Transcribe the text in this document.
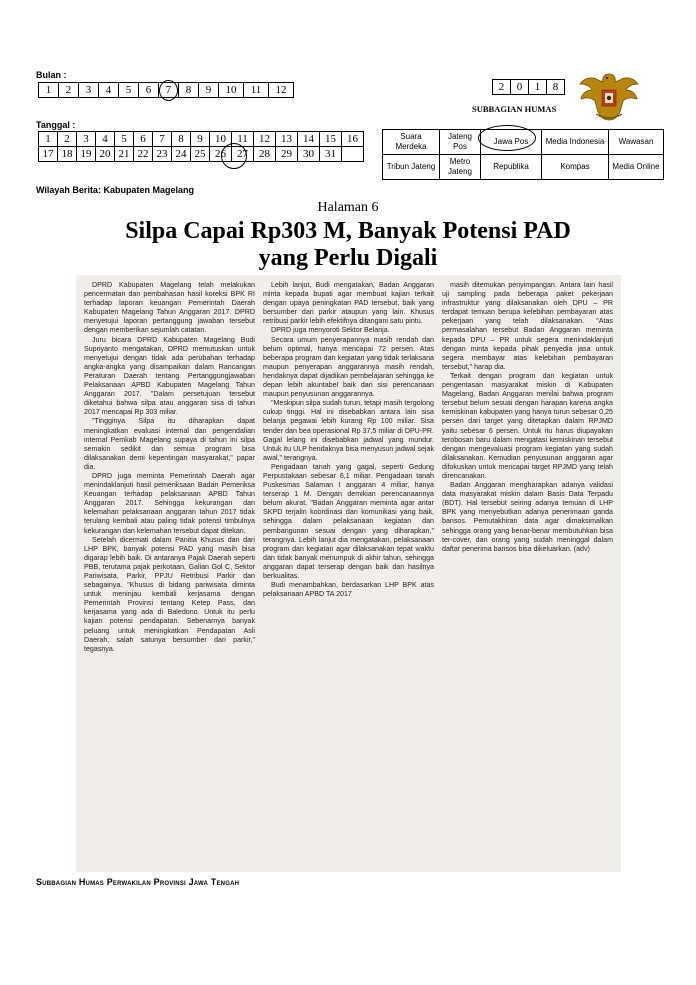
Bulan :
1	2	3	4	5	6	7	8	9	10	11	12
Tanggal :
1	2	3	4	5	6	7	8	9	10	11	12	13	14	15	16
17	18	19	20	21	22	23	24	25	26	27	28	29	30	31	
2	0	1	8
SUBBAGIAN HUMAS
Suara Merdeka	Jateng Pos	Jawa Pos	Media Indonesia	Wawasan
Tribun Jateng	Metro Jateng	Republika	Kompas	Media Online
Wilayah Berita: Kabupaten Magelang
Halaman 6
Silpa Capai Rp303 M, Banyak Potensi PAD
yang Perlu Digali

DPRD Kabupaten Magelang telah melakukan pencermatan dan pembahasan hasil koreksi BPK RI terhadap laporan keuangan Pemerintah Daerah Kabupaten Magelang Tahun Anggaran 2017. DPRD menyetujui laporan pertanggung jawaban tersebut dengan memberikan sejumlah catatan.

Juru bicara DPRD Kabupaten Magelang Budi Supriyanto mengatakan, DPRD memutuskan untuk menyetujui dengan tidak ada perubahan terhadap angka-angka yang disampaikan dalam Rancangan Peraturan Daerah tentang Pertanggungjawaban Pelaksanaan APBD Kabupaten Magelang Tahun Anggaran 2017. "Dalam persetujuan tersebut diketahui bahwa silpa atau anggaran sisa di tahun 2017 mencapai Rp 303 miliar.

"Tingginya Silpa itu diharapkan dapat meningkatkan evaluasi internal dan pengendalian internal Pemkab Magelang supaya di tahun ini silpa semakin sedikit dan semua program bisa dilaksanakan demi kepentingan masyarakat," papar dia.

DPRD juga meminta Pemerintah Daerah agar menindaklanjuti hasil pemeriksaan Badan Pemeriksa Keuangan terhadap pelaksanaan APBD Tahun Anggaran 2017. Sehingga kekurangan dan kelemahan pelaksanaan anggaran tahun 2017 tidak terulang kembali atau paling tidak potensi timbulnya kekurangan dan kelemahan tersebut dapat ditekan.

Setelah dicermati dalam Panitia Khusus dan dari LHP BPK, banyak potensi PAD yang masih bisa digarap lebih baik. Di antaranya Pajak Daerah seperti PBB, terutama pajak perkotaan, Galian Gol C, Sektor Pariwisata, Parkir, PPJU Retribusi Parkir dan sebagainya. "Khusus di bidang pariwisata diminta untuk meninjau kembali kerjasama dengan Pemerintah Provinsi tentang Ketep Pass, dan kerjasama yang ada di Baledono. Untuk itu perlu kajian potensi pendapatan. Sebenarnya banyak peluang untuk meningkatkan Pendapatan Asli Daerah, salah satunya bersumber dari parkir," tegasnya.

Lebih lanjut, Budi mengatakan, Badan Anggaran minta kepada bupati agar membuat kajian terkait dengan upaya peningkatan PAD tersebut, baik yang bersumber dari parkir ataupun yang lain. Khusus retribusi parkir lebih efektifnya ditangani satu pintu.

DPRD juga menyoroti Sektor Belanja.

Secara umum penyerapannya masih rendah dan belum optimal, hanya mencapai 72 persen. Atas beberapa program dan kegiatan yang tidak terlaksana maupun penyerapan anggarannya masih rendah, hendaknya dapat dijadikan pembelajaran sehingga ke depan lebih akuntabel baik dari sisi perencanaan maupun penyusunan anggarannya.

"Meskipun silpa sudah turun, tetapi masih tergolong cukup tinggi. Hal ini disebabkan antara lain sisa belanja pegawai lebih kurang Rp 100 miliar. Sisa tender dan bea operasional Rp 37,5 miliar di DPU-PR. Gagal lelang ini disebabkan jadwal yang mundur. Untuk itu ULP hendaknya bisa menyusun jadwal sejak awal," terangnya.

Pengadaan tanah yang gagal, seperti Gedung Perpustakaan sebesar 6,1 miliar. Pengadaan tanah Puskesmas Salaman I anggaran 4 miliar, hanya terserap 1 M. Dengan demikian perencanaannya belum akurat. "Badan Anggaran meminta agar antar SKPD terjalin koordinasi dan komunikasi yang baik, sehingga dalam pelaksanaan kegiatan dan pembangunan sesuai dengan yang diharapkan," terangnya. Lebih lanjut dia mengatakan, pelaksanaan program dan kegiatan agar dilaksanakan tepat waktu dan tidak banyak menumpuk di akhir tahun, sehingga anggaran dapat terserap dengan baik dan hasilnya berkualitas.

Budi menambahkan, berdasarkan LHP BPK atas pelaksanaan APBD TA 2017

masih ditemukan penyimpangan. Antara lain hasil uji sampling pada beberapa paket pekerjaan infrastruktur yang dilaksanakan oleh DPU – PR terdapat temuan berupa kelebihan pembayaran atas pekerjaan yang telah dilaksanakan. "Atas permasalahan tersebut Badan Anggaran meminta kepada DPU – PR untuk segera menindaklanjuti dengan minta kepada pihak penyedia jasa untuk segera membayar atas kelebihan pembayaran tersebut," harap dia.

Terkait dengan program dan kegiatan untuk pengentasan masyarakat miskin di Kabupaten Magelang, Badan Anggaran menilai bahwa program tersebut belum sesuai dengan harapan karena angka kemiskinan kabupaten yang hanya turun sebesar 0,25 persen dari target yang ditetapkan dalam RPJMD yaitu sebesar 6 persen. Untuk itu harus diupayakan terobosan baru dalam mengatasi kemiskinan tersebut dengan mengevaluasi program kegiatan yang sudah dilaksanakan. Kemudian penyusunan anggaran agar difokuskan untuk mencapai target RPJMD yang telah direncanakan.

Badan Anggaran mengharapkan adanya validasi data masyarakat miskin dalam Basis Data Terpadu (BDT). Hal tersebut seiring adanya temuan di LHP BPK yang menyebutkan adanya penerimaan ganda bansos. Pemutakhiran data agar dimaksimalkan sehingga orang yang benar-benar membutuhkan bisa ter-cover, dan orang yang sudah meninggal dalam daftar penerima bansos bisa dikeluarkan. (adv)

Subbagian Humas Perwakilan Provinsi Jawa Tengah
